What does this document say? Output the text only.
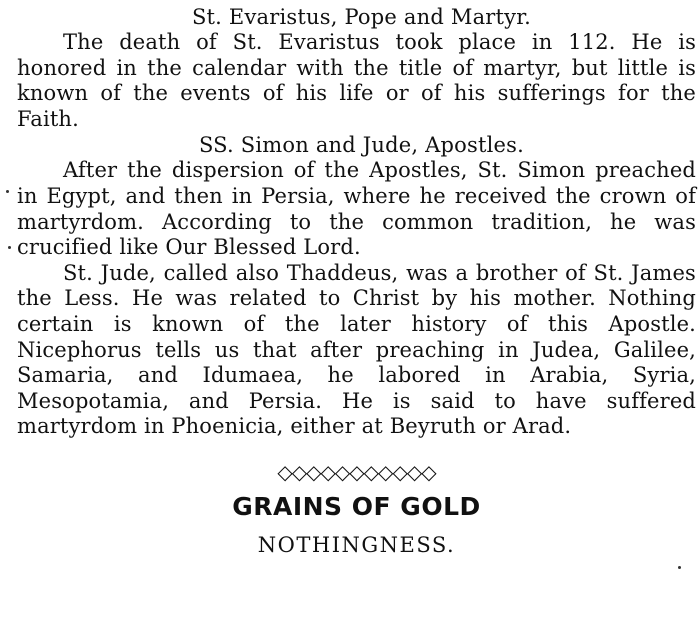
St. Evaristus, Pope and Martyr.

The death of St. Evaristus took place in 112. He is honored in the calendar with the title of martyr, but little is known of the events of his life or of his sufferings for the Faith.

SS. Simon and Jude, Apostles.

After the dispersion of the Apostles, St. Simon preached in Egypt, and then in Persia, where he received the crown of martyrdom. According to the common tradition, he was crucified like Our Blessed Lord.

St. Jude, called also Thaddeus, was a brother of St. James the Less. He was related to Christ by his mother. Nothing certain is known of the later history of this Apostle. Nicephorus tells us that after preaching in Judea, Galilee, Samaria, and Idumaea, he labored in Arabia, Syria, Mesopotamia, and Persia. He is said to have suffered martyrdom in Phoenicia, either at Beyruth or Arad.

◇◇◇◇◇◇◇◇◇◇◇
GRAINS OF GOLD
NOTHINGNESS.
